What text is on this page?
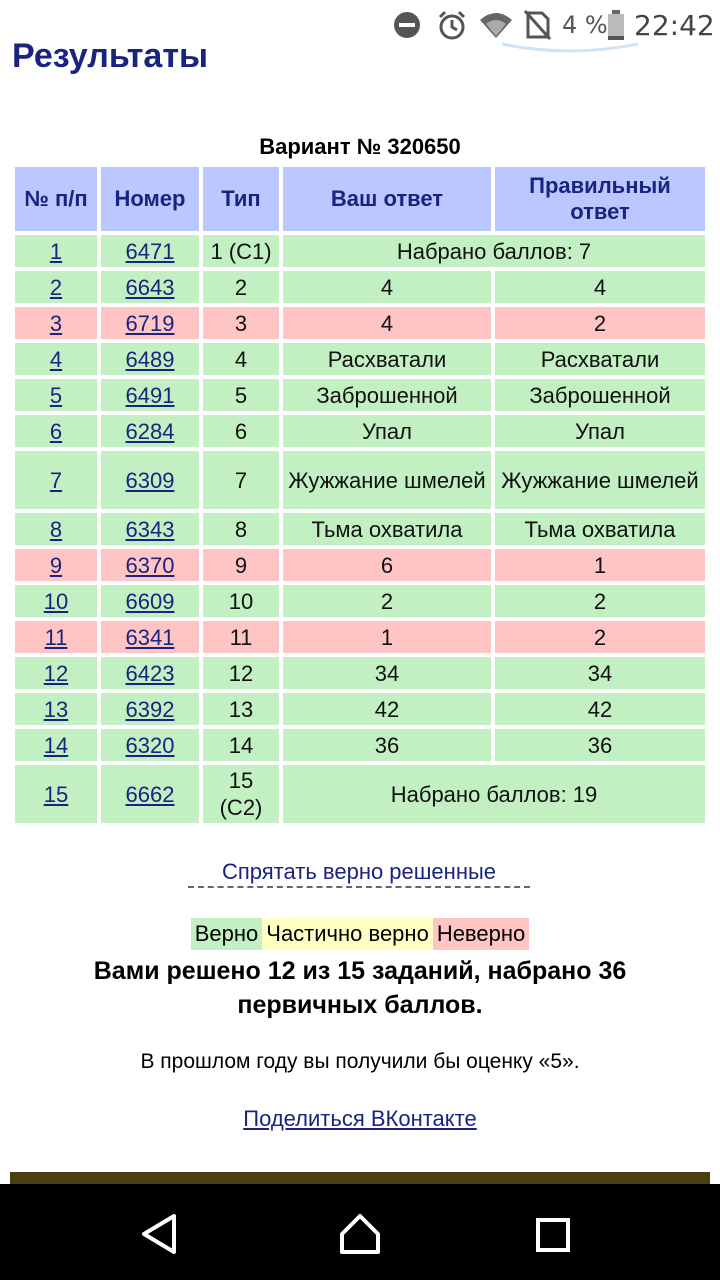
4 % 22:42
Результаты
Вариант № 320650
№ п/п	Номер	Тип	Ваш ответ	Правильный ответ
1	6471	1 (С1)	Набрано баллов: 7	
2	6643	2	4	4
3	6719	3	4	2
4	6489	4	Расхватали	Расхватали
5	6491	5	Заброшенной	Заброшенной
6	6284	6	Упал	Упал
7	6309	7	Жужжание шмелей	Жужжание шмелей
8	6343	8	Тьма охватила	Тьма охватила
9	6370	9	6	1
10	6609	10	2	2
11	6341	11	1	2
12	6423	12	34	34
13	6392	13	42	42
14	6320	14	36	36
15	6662	15 (С2)	Набрано баллов: 19	
Спрятать верно решенные
Верно Частично верно Неверно

Вами решено 12 из 15 заданий, набрано 36 первичных баллов.

В прошлом году вы получили бы оценку «5».
Поделиться ВКонтакте
